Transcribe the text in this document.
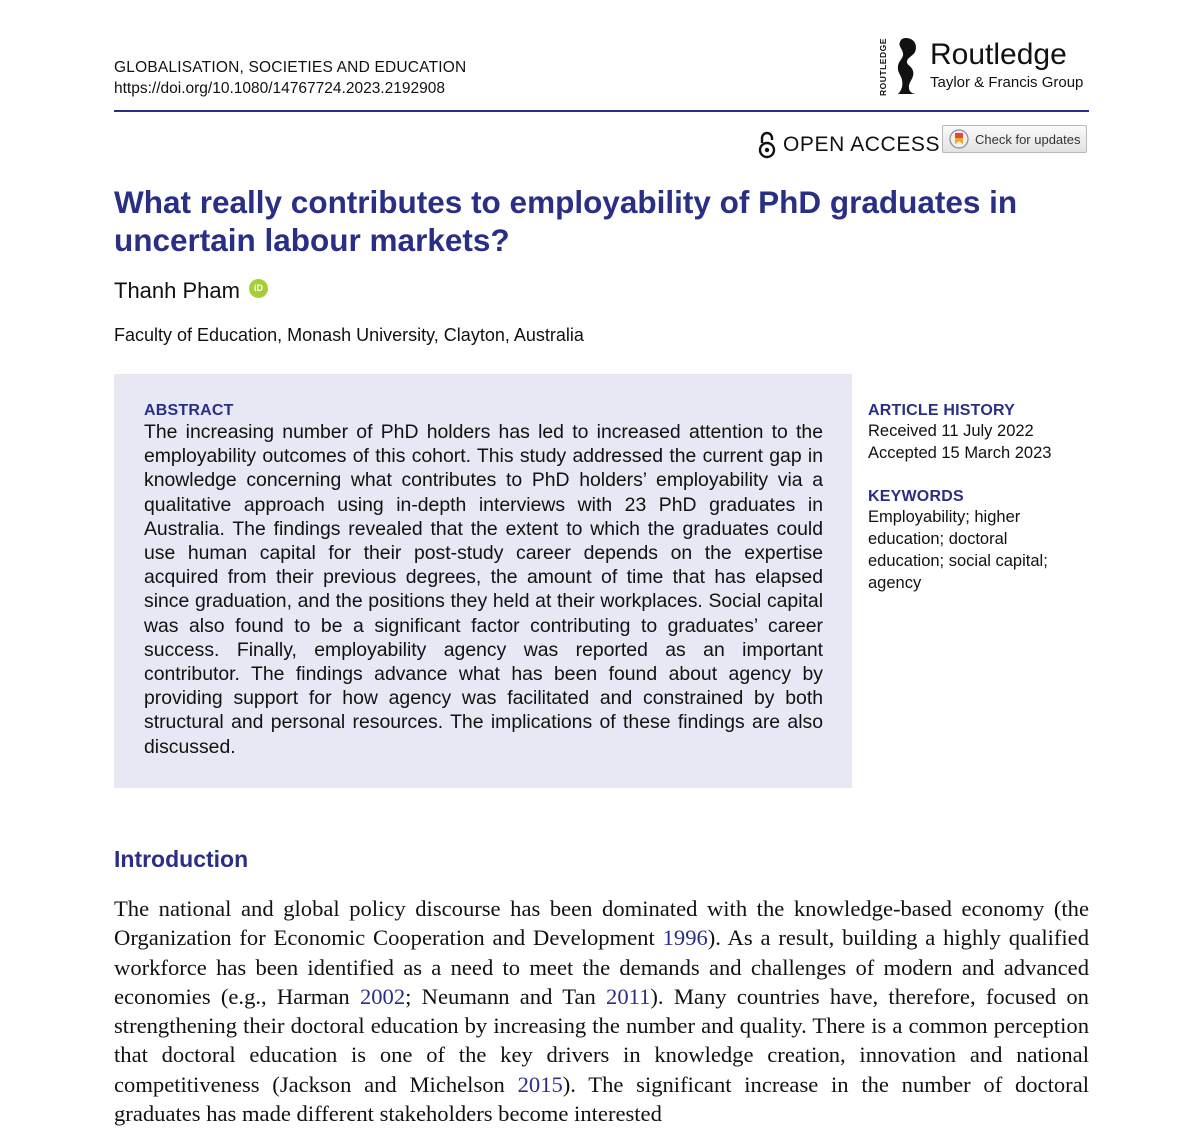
GLOBALISATION, SOCIETIES AND EDUCATION
https://doi.org/10.1080/14767724.2023.2192908	ROUTLEDGE Routledge
Taylor & Francis Group
OPEN ACCESS	Check for updates
What really contributes to employability of PhD graduates in uncertain labour markets?
Thanh Pham	iD
Faculty of Education, Monash University, Clayton, Australia
ABSTRACT

The increasing number of PhD holders has led to increased attention to the employability outcomes of this cohort. This study addressed the current gap in knowledge concerning what contributes to PhD holders’ employability via a qualitative approach using in-depth interviews with 23 PhD graduates in Australia. The findings revealed that the extent to which the graduates could use human capital for their post-study career depends on the expertise acquired from their previous degrees, the amount of time that has elapsed since graduation, and the positions they held at their workplaces. Social capital was also found to be a significant factor contributing to graduates’ career success. Finally, employability agency was reported as an important contributor. The findings advance what has been found about agency by providing support for how agency was facilitated and constrained by both structural and personal resources. The implications of these findings are also discussed.

ARTICLE HISTORY
Received 11 July 2022
Accepted 15 March 2023
KEYWORDS

Employability; higher education; doctoral education; social capital; agency

Introduction

The national and global policy discourse has been dominated with the knowledge-based economy (the Organization for Economic Cooperation and Development 1996). As a result, building a highly qualified workforce has been identified as a need to meet the demands and challenges of modern and advanced economies (e.g., Harman 2002; Neumann and Tan 2011). Many countries have, therefore, focused on strengthening their doctoral education by increasing the number and quality. There is a common perception that doctoral education is one of the key drivers in knowledge creation, innovation and national competitiveness (Jackson and Michelson 2015). The significant increase in the number of doctoral graduates has made different stakeholders become interested
